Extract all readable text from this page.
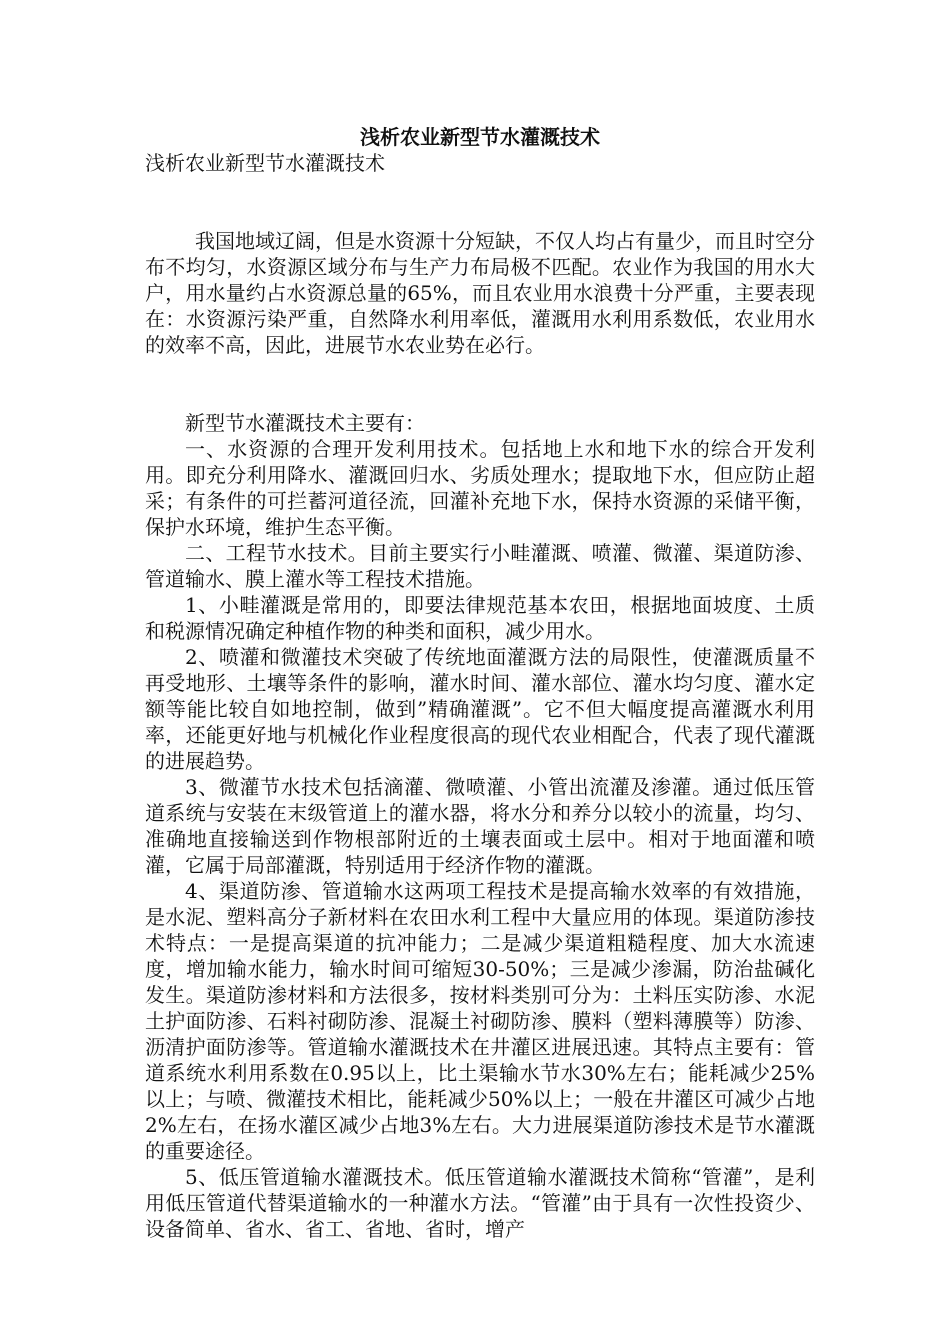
浅析农业新型节水灌溉技术
浅析农业新型节水灌溉技术

我国地域辽阔，但是水资源十分短缺，不仅人均占有量少，而且时空分布不均匀，水资源区域分布与生产力布局极不匹配。农业作为我国的用水大户，用水量约占水资源总量的65%，而且农业用水浪费十分严重，主要表现在：水资源污染严重，自然降水利用率低，灌溉用水利用系数低，农业用水的效率不高，因此，进展节水农业势在必行。

新型节水灌溉技术主要有：

一、水资源的合理开发利用技术。包括地上水和地下水的综合开发利用。即充分利用降水、灌溉回归水、劣质处理水；提取地下水，但应防止超采；有条件的可拦蓄河道径流，回灌补充地下水，保持水资源的采储平衡，保护水环境，维护生态平衡。

二、工程节水技术。目前主要实行小畦灌溉、喷灌、微灌、渠道防渗、管道输水、膜上灌水等工程技术措施。

1、小畦灌溉是常用的，即要法律规范基本农田，根据地面坡度、土质和税源情况确定种植作物的种类和面积，减少用水。

2、喷灌和微灌技术突破了传统地面灌溉方法的局限性，使灌溉质量不再受地形、土壤等条件的影响，灌水时间、灌水部位、灌水均匀度、灌水定额等能比较自如地控制，做到”精确灌溉”。它不但大幅度提高灌溉水利用率，还能更好地与机械化作业程度很高的现代农业相配合，代表了现代灌溉的进展趋势。

3、微灌节水技术包括滴灌、微喷灌、小管出流灌及渗灌。通过低压管道系统与安装在末级管道上的灌水器，将水分和养分以较小的流量，均匀、准确地直接输送到作物根部附近的土壤表面或土层中。相对于地面灌和喷灌，它属于局部灌溉，特别适用于经济作物的灌溉。

4、渠道防渗、管道输水这两项工程技术是提高输水效率的有效措施，是水泥、塑料高分子新材料在农田水利工程中大量应用的体现。渠道防渗技术特点：一是提高渠道的抗冲能力；二是减少渠道粗糙程度、加大水流速度，增加输水能力，输水时间可缩短30-50%；三是减少渗漏，防治盐碱化发生。渠道防渗材料和方法很多，按材料类别可分为：土料压实防渗、水泥土护面防渗、石料衬砌防渗、混凝土衬砌防渗、膜料（塑料薄膜等）防渗、沥清护面防渗等。管道输水灌溉技术在井灌区进展迅速。其特点主要有：管道系统水利用系数在0.95以上，比土渠输水节水30%左右；能耗减少25%以上；与喷、微灌技术相比，能耗减少50%以上；一般在井灌区可减少占地2%左右，在扬水灌区减少占地3%左右。大力进展渠道防渗技术是节水灌溉的重要途径。

5、低压管道输水灌溉技术。低压管道输水灌溉技术简称“管灌”，是利用低压管道代替渠道输水的一种灌水方法。“管灌”由于具有一次性投资少、设备简单、省水、省工、省地、省时，增产
